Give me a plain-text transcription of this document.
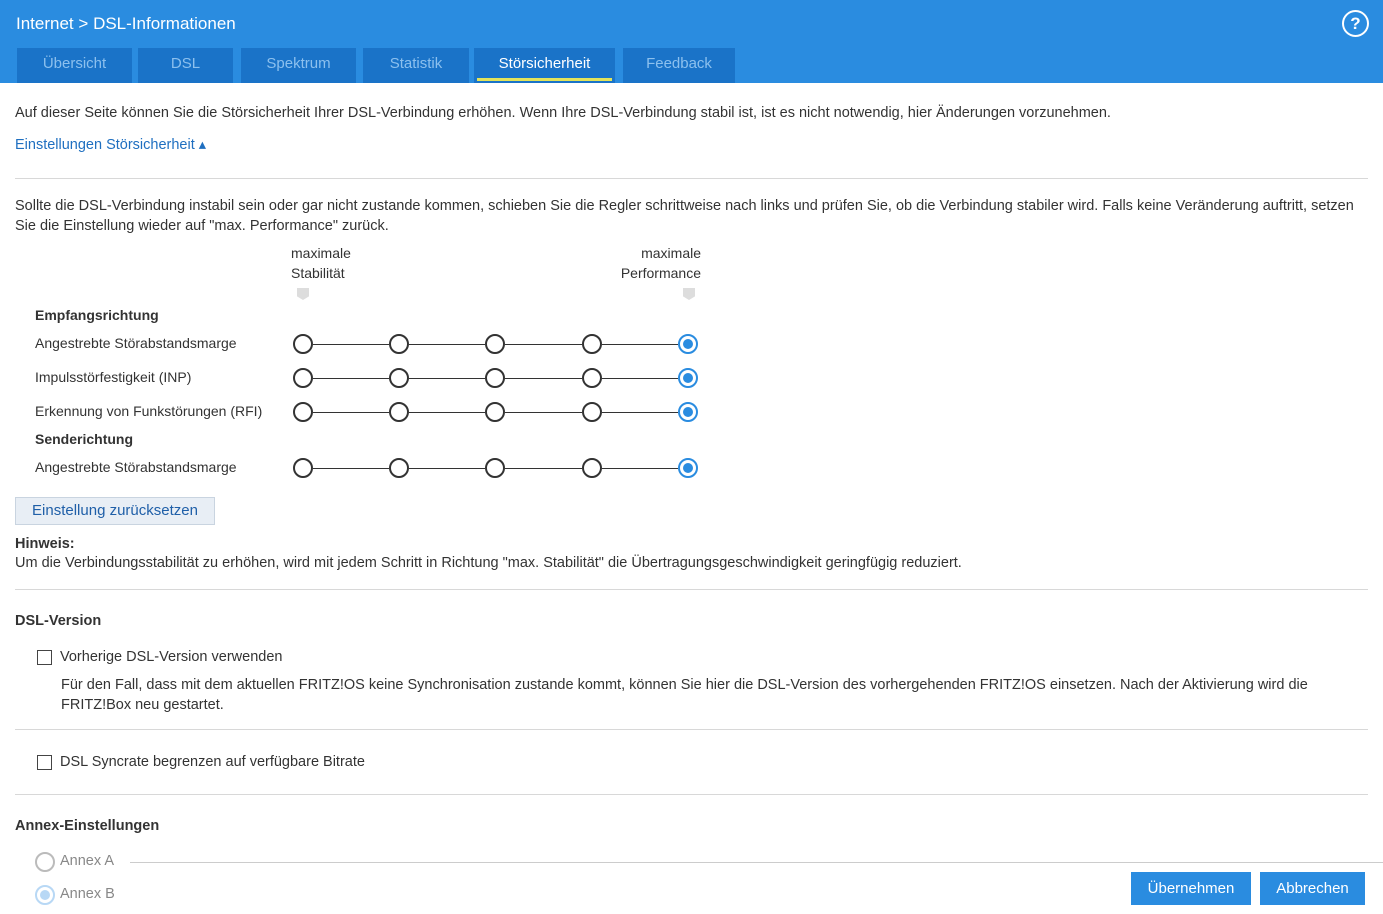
Internet > DSL-Informationen	?
Übersicht	DSL	Spektrum	Statistik	Störsicherheit	Feedback
Auf dieser Seite können Sie die Störsicherheit Ihrer DSL-Verbindung erhöhen. Wenn Ihre DSL-Verbindung stabil ist, ist es nicht notwendig, hier Änderungen vorzunehmen.
Einstellungen Störsicherheit ▴
Sollte die DSL-Verbindung instabil sein oder gar nicht zustande kommen, schieben Sie die Regler schrittweise nach links und prüfen Sie, ob die Verbindung stabiler wird. Falls keine Veränderung auftritt, setzen Sie die Einstellung wieder auf "max. Performance" zurück.
maximale
Stabilität
maximale
Performance
Empfangsrichtung
Angestrebte Störabstandsmarge
Impulsstörfestigkeit (INP)
Erkennung von Funkstörungen (RFI)
Senderichtung
Angestrebte Störabstandsmarge
Einstellung zurücksetzen
Hinweis:
Um die Verbindungsstabilität zu erhöhen, wird mit jedem Schritt in Richtung "max. Stabilität" die Übertragungsgeschwindigkeit geringfügig reduziert.
DSL-Version
Vorherige DSL-Version verwenden
Für den Fall, dass mit dem aktuellen FRITZ!OS keine Synchronisation zustande kommt, können Sie hier die DSL-Version des vorhergehenden FRITZ!OS einsetzen. Nach der Aktivierung wird die FRITZ!Box neu gestartet.
DSL Syncrate begrenzen auf verfügbare Bitrate
Annex-Einstellungen
Annex A
Annex B	Übernehmen	Abbrechen
